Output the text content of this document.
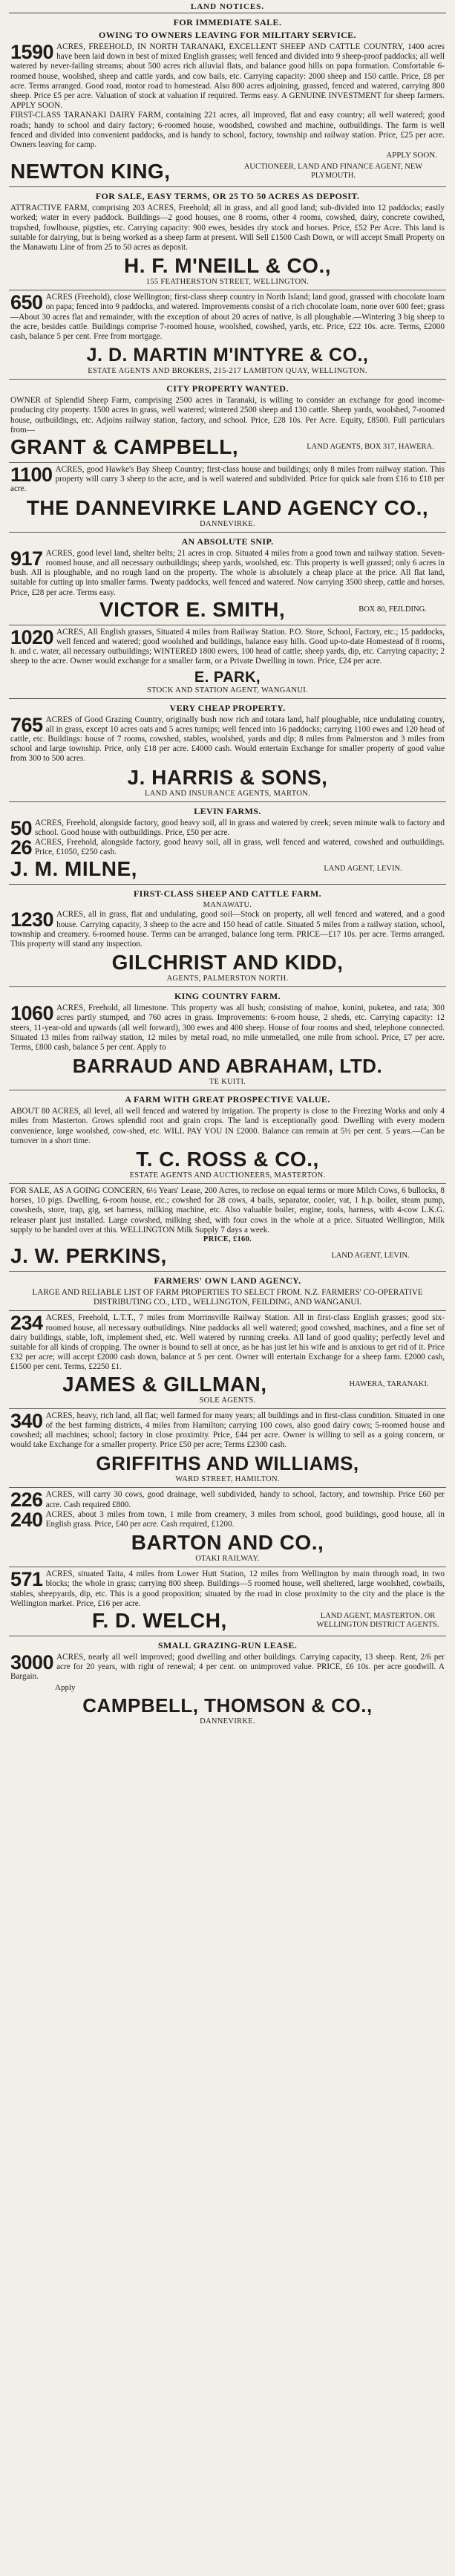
LAND NOTICES.
FOR IMMEDIATE SALE.
OWING TO OWNERS LEAVING FOR MILITARY SERVICE.

1590 ACRES, FREEHOLD, IN NORTH TARANAKI, EXCELLENT SHEEP AND CATTLE COUNTRY, 1400 acres have been laid down in best of mixed English grasses; well fenced and divided into 9 sheep-proof paddocks; all well watered by never-failing streams; about 500 acres rich alluvial flats, and balance good hills on papa formation. Comfortable 6-roomed house, woolshed, sheep and cattle yards, and cow bails, etc. Carrying capacity: 2000 sheep and 150 cattle. Price, £8 per acre. Terms arranged. Good road, motor road to homestead. Also 800 acres adjoining, grassed, fenced and watered, carrying 800 sheep. Price £5 per acre. Valuation of stock at valuation if required. Terms easy. A GENUINE INVESTMENT for sheep farmers. APPLY SOON.

FIRST-CLASS TARANAKI DAIRY FARM, containing 221 acres, all improved, flat and easy country; all well watered; good roads; handy to school and dairy factory; 6-roomed house, woodshed, cowshed and machine, outbuildings. The farm is well fenced and divided into convenient paddocks, and is handy to school, factory, township and railway station. Price, £25 per acre. Owners leaving for camp.

APPLY SOON.
NEWTON KING,	AUCTIONEER, LAND AND FINANCE AGENT, NEW PLYMOUTH.
FOR SALE, EASY TERMS, OR 25 TO 50 ACRES AS DEPOSIT.

ATTRACTIVE FARM, comprising 203 ACRES, Freehold; all in grass, and all good land; sub-divided into 12 paddocks; easily worked; water in every paddock. Buildings—2 good houses, one 8 rooms, other 4 rooms, cowshed, dairy, concrete cowshed, trapshed, fowlhouse, pigsties, etc. Carrying capacity: 900 ewes, besides dry stock and horses. Price, £52 Per Acre. This land is suitable for dairying, but is being worked as a sheep farm at present. Will Sell £1500 Cash Down, or will accept Small Property on the Manawatu Line of from 25 to 50 acres as deposit.

H. F. M'NEILL & CO.,
155 FEATHERSTON STREET, WELLINGTON.

650 ACRES (Freehold), close Wellington; first-class sheep country in North Island; land good, grassed with chocolate loam on papa; fenced into 9 paddocks, and watered. Improvements consist of a rich chocolate loam, none over 600 feet; grass—About 30 acres flat and remainder, with the exception of about 20 acres of native, is all ploughable.—Wintering 3 big sheep to the acre, besides cattle. Buildings comprise 7-roomed house, woolshed, cowshed, yards, etc. Price, £22 10s. acre. Terms, £2000 cash, balance 5 per cent. Free from mortgage.

J. D. MARTIN M'INTYRE & CO.,
ESTATE AGENTS AND BROKERS, 215-217 LAMBTON QUAY, WELLINGTON.
CITY PROPERTY WANTED.

OWNER of Splendid Sheep Farm, comprising 2500 acres in Taranaki, is willing to consider an exchange for good income-producing city property. 1500 acres in grass, well watered; wintered 2500 sheep and 130 cattle. Sheep yards, woolshed, 7-roomed house, outbuildings, etc. Adjoins railway station, factory, and school. Price, £28 10s. Per Acre. Equity, £8500. Full particulars from—

GRANT & CAMPBELL,	LAND AGENTS, BOX 317, HAWERA.

1100 ACRES, good Hawke's Bay Sheep Country; first-class house and buildings; only 8 miles from railway station. This property will carry 3 sheep to the acre, and is well watered and subdivided. Price for quick sale from £16 to £18 per acre.

THE DANNEVIRKE LAND AGENCY CO.,
DANNEVIRKE.
AN ABSOLUTE SNIP.

917 ACRES, good level land, shelter belts; 21 acres in crop. Situated 4 miles from a good town and railway station. Seven-roomed house, and all necessary outbuildings; sheep yards, woolshed, etc. This property is well grassed; only 6 acres in bush. All is ploughable, and no rough land on the property. The whole is absolutely a cheap place at the price. All flat land, suitable for cutting up into smaller farms. Twenty paddocks, well fenced and watered. Now carrying 3500 sheep, cattle and horses. Price, £28 per acre. Terms easy.

VICTOR E. SMITH,	BOX 80, FEILDING.

1020 ACRES, All English grasses, Situated 4 miles from Railway Station. P.O. Store, School, Factory, etc.; 15 paddocks, well fenced and watered; good woolshed and buildings, balance easy hills. Good up-to-date Homestead of 8 rooms, h. and c. water, all necessary outbuildings; WINTERED 1800 ewers, 100 head of cattle; sheep yards, dip, etc. Carrying capacity; 2 sheep to the acre. Owner would exchange for a smaller farm, or a Private Dwelling in town. Price, £24 per acre.

E. PARK,
STOCK AND STATION AGENT, WANGANUI.
VERY CHEAP PROPERTY.

765 ACRES of Good Grazing Country, originally bush now rich and totara land, half ploughable, nice undulating country, all in grass, except 10 acres oats and 5 acres turnips; well fenced into 16 paddocks; carrying 1100 ewes and 120 head of cattle, etc. Buildings: house of 7 rooms, cowshed, stables, woolshed, yards and dip; 8 miles from Palmerston and 3 miles from school and large township. Price, only £18 per acre. £4000 cash. Would entertain Exchange for smaller property of good value from 300 to 500 acres.

J. HARRIS & SONS,
LAND AND INSURANCE AGENTS, MARTON.
LEVIN FARMS.

50 ACRES, Freehold, alongside factory, good heavy soil, all in grass and watered by creek; seven minute walk to factory and school. Good house with outbuildings. Price, £50 per acre.

26 ACRES, Freehold, alongside factory, good heavy soil, all in grass, well fenced and watered, cowshed and outbuildings. Price, £1050, £250 cash.

J. M. MILNE,	LAND AGENT, LEVIN.
FIRST-CLASS SHEEP AND CATTLE FARM.
MANAWATU.

1230 ACRES, all in grass, flat and undulating, good soil—Stock on property, all well fenced and watered, and a good house. Carrying capacity, 3 sheep to the acre and 150 head of cattle. Situated 5 miles from a railway station, school, township and creamery. 6-roomed house. Terms can be arranged, balance long term. PRICE—£17 10s. per acre. Terms arranged. This property will stand any inspection.

GILCHRIST AND KIDD,
AGENTS, PALMERSTON NORTH.
KING COUNTRY FARM.

1060 ACRES, Freehold, all limestone. This property was all bush; consisting of mahoe, konini, puketea, and rata; 300 acres partly stumped, and 760 acres in grass. Improvements: 6-room house, 2 sheds, etc. Carrying capacity: 12 steers, 11-year-old and upwards (all well forward), 300 ewes and 400 sheep. House of four rooms and shed, telephone connected. Situated 13 miles from railway station, 12 miles by metal road, no mile unmetalled, one mile from school. Price, £7 per acre. Terms, £800 cash, balance 5 per cent. Apply to

BARRAUD AND ABRAHAM, LTD.
TE KUITI.
A FARM WITH GREAT PROSPECTIVE VALUE.

ABOUT 80 ACRES, all level, all well fenced and watered by irrigation. The property is close to the Freezing Works and only 4 miles from Masterton. Grows splendid root and grain crops. The land is exceptionally good. Dwelling with every modern convenience, large woolshed, cow-shed, etc. WILL PAY YOU IN £2000. Balance can remain at 5½ per cent. 5 years.—Can be turnover in a short time.

T. C. ROSS & CO.,
ESTATE AGENTS AND AUCTIONEERS, MASTERTON.

FOR SALE, AS A GOING CONCERN, 6½ Years' Lease, 200 Acres, to reclose on equal terms or more Milch Cows, 6 bullocks, 8 horses, 10 pigs. Dwelling, 6-room house, etc.; cowshed for 28 cows, 4 bails, separator, cooler, vat, 1 h.p. boiler, steam pump, cowsheds, store, trap, gig, set harness, milking machine, etc. Also valuable boiler, engine, tools, harness, with 4-cow L.K.G. releaser plant just installed. Large cowshed, milking shed, with four cows in the whole at a price. Situated Wellington, Milk supply to be handed over at this. WELLINGTON Milk Supply 7 days a week.

PRICE, £160.
J. W. PERKINS,	LAND AGENT, LEVIN.
FARMERS' OWN LAND AGENCY.

LARGE AND RELIABLE LIST OF FARM PROPERTIES TO SELECT FROM. N.Z. FARMERS' CO-OPERATIVE DISTRIBUTING CO., LTD., WELLINGTON, FEILDING, AND WANGANUI.

234 ACRES, Freehold, L.T.T., 7 miles from Morrinsville Railway Station. All in first-class English grasses; good six-roomed house, all necessary outbuildings. Nine paddocks all well watered; good cowshed, machines, and a fine set of dairy buildings, stable, loft, implement shed, etc. Well watered by running creeks. All land of good quality; perfectly level and suitable for all kinds of cropping. The owner is bound to sell at once, as he has just let his wife and is anxious to get rid of it. Price £32 per acre; will accept £2000 cash down, balance at 5 per cent. Owner will entertain Exchange for a sheep farm. £2000 cash, £1500 per cent. Terms, £2250 £1.

JAMES & GILLMAN,	HAWERA, TARANAKI.
SOLE AGENTS.

340 ACRES, heavy, rich land, all flat; well farmed for many years; all buildings and in first-class condition. Situated in one of the best farming districts, 4 miles from Hamilton; carrying 100 cows, also good dairy cows; 5-roomed house and cowshed; all machines; school; factory in close proximity. Price, £44 per acre. Owner is willing to sell as a going concern, or would take Exchange for a smaller property. Price £50 per acre; Terms £2300 cash.

GRIFFITHS AND WILLIAMS,
WARD STREET, HAMILTON.

226 ACRES, will carry 30 cows, good drainage, well subdivided, handy to school, factory, and township. Price £60 per acre. Cash required £800.

240 ACRES, about 3 miles from town, 1 mile from creamery, 3 miles from school, good buildings, good house, all in English grass. Price, £40 per acre. Cash required, £1200.

BARTON AND CO.,
OTAKI RAILWAY.

571 ACRES, situated Taita, 4 miles from Lower Hutt Station, 12 miles from Wellington by main through road, in two blocks; the whole in grass; carrying 800 sheep. Buildings—5 roomed house, well sheltered, large woolshed, cowbails, stables, sheepyards, dip, etc. This is a good proposition; situated by the road in close proximity to the city and the place is the Wellington market. Price, £16 per acre.

F. D. WELCH,	LAND AGENT, MASTERTON. OR WELLINGTON DISTRICT AGENTS.
SMALL GRAZING-RUN LEASE.

3000 ACRES, nearly all well improved; good dwelling and other buildings. Carrying capacity, 13 sheep. Rent, 2/6 per acre for 20 years, with right of renewal; 4 per cent. on unimproved value. PRICE, £6 10s. per acre goodwill. A Bargain.

Apply
CAMPBELL, THOMSON & CO.,
DANNEVIRKE.
